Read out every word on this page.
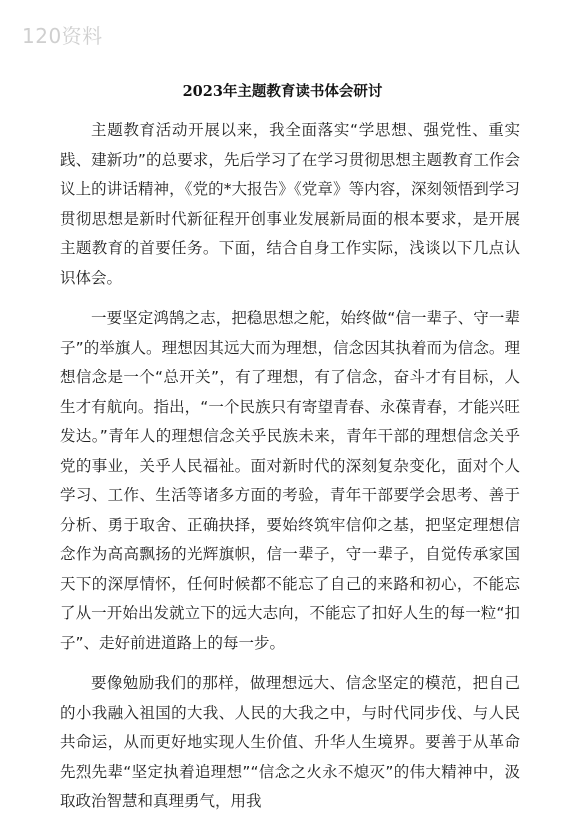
120资料
2023年主题教育读书体会研讨

主题教育活动开展以来，我全面落实“学思想、强党性、重实践、建新功”的总要求，先后学习了在学习贯彻思想主题教育工作会议上的讲话精神，《党的*大报告》《党章》等内容，深刻领悟到学习贯彻思想是新时代新征程开创事业发展新局面的根本要求，是开展主题教育的首要任务。下面，结合自身工作实际，浅谈以下几点认识体会。

一要坚定鸿鹄之志，把稳思想之舵，始终做“信一辈子、守一辈子”的举旗人。理想因其远大而为理想，信念因其执着而为信念。理想信念是一个“总开关”，有了理想，有了信念，奋斗才有目标，人生才有航向。指出，“一个民族只有寄望青春、永葆青春，才能兴旺发达。”青年人的理想信念关乎民族未来，青年干部的理想信念关乎党的事业，关乎人民福祉。面对新时代的深刻复杂变化，面对个人学习、工作、生活等诸多方面的考验，青年干部要学会思考、善于分析、勇于取舍、正确抉择，要始终筑牢信仰之基，把坚定理想信念作为高高飘扬的光辉旗帜，信一辈子，守一辈子，自觉传承家国天下的深厚情怀，任何时候都不能忘了自己的来路和初心，不能忘了从一开始出发就立下的远大志向，不能忘了扣好人生的每一粒“扣子”、走好前进道路上的每一步。

要像勉励我们的那样，做理想远大、信念坚定的模范，把自己的小我融入祖国的大我、人民的大我之中，与时代同步伐、与人民共命运，从而更好地实现人生价值、升华人生境界。要善于从革命先烈先辈“坚定执着追理想”“信念之火永不熄灭”的伟大精神中，汲取政治智慧和真理勇气，用我
